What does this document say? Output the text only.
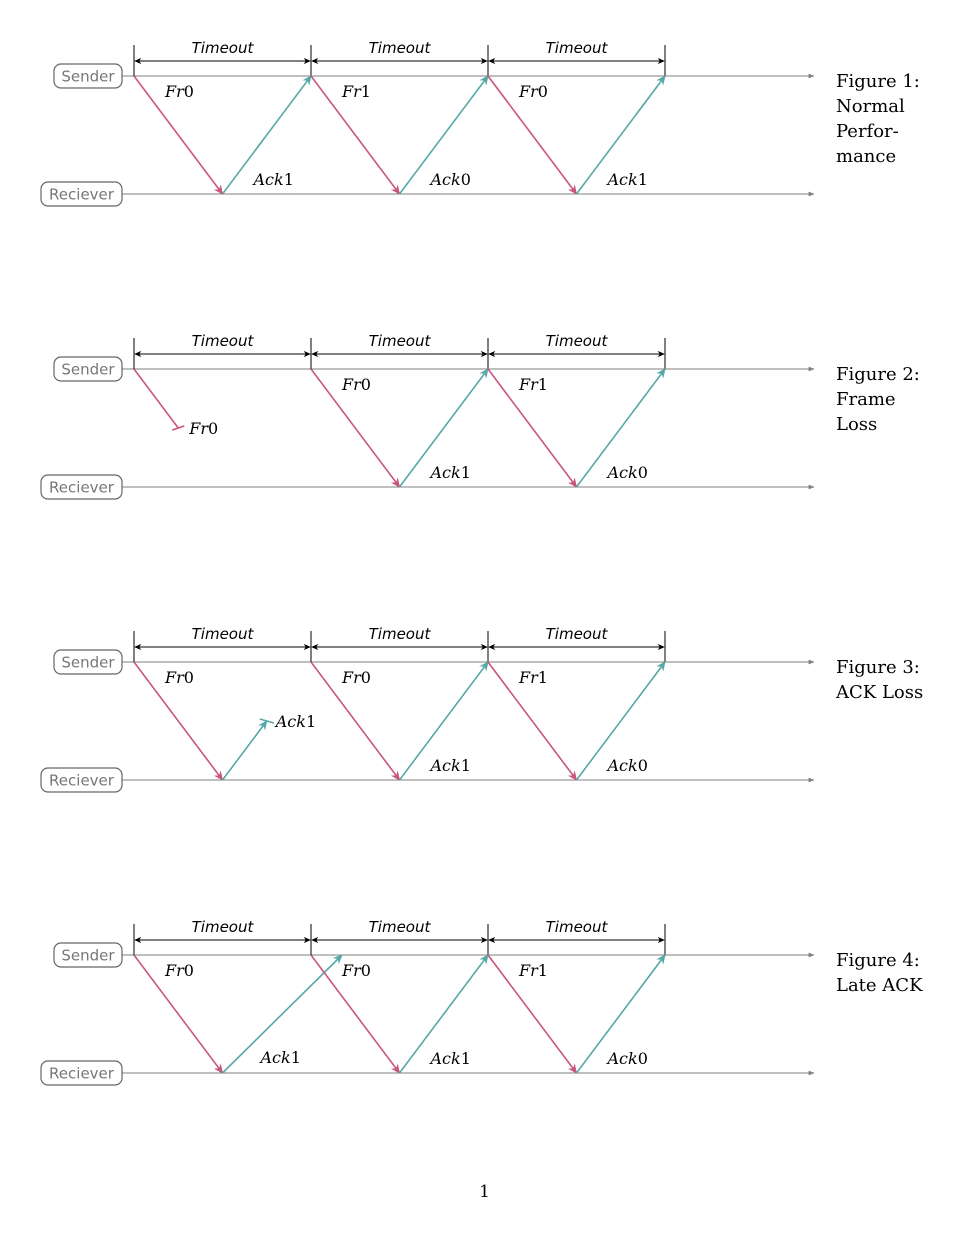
Sender
Reciever
Timeout	Timeout	Timeout
Fr0
Ack1
Fr1
Ack0
Fr0
Ack1
Figure 1:
Normal
Perfor-
mance
Sender
Reciever
Timeout	Timeout	Timeout
Fr0
Fr0
Ack1
Fr1
Ack0
Figure 2:
Frame
Loss
Sender
Reciever
Timeout	Timeout	Timeout
Fr0
Ack1
Fr0
Ack1
Fr1
Ack0
Figure 3:
ACK Loss
Sender
Reciever
Timeout	Timeout	Timeout
Fr0
Ack1
Fr0
Ack1
Fr1
Ack0
Figure 4:
Late ACK
1
